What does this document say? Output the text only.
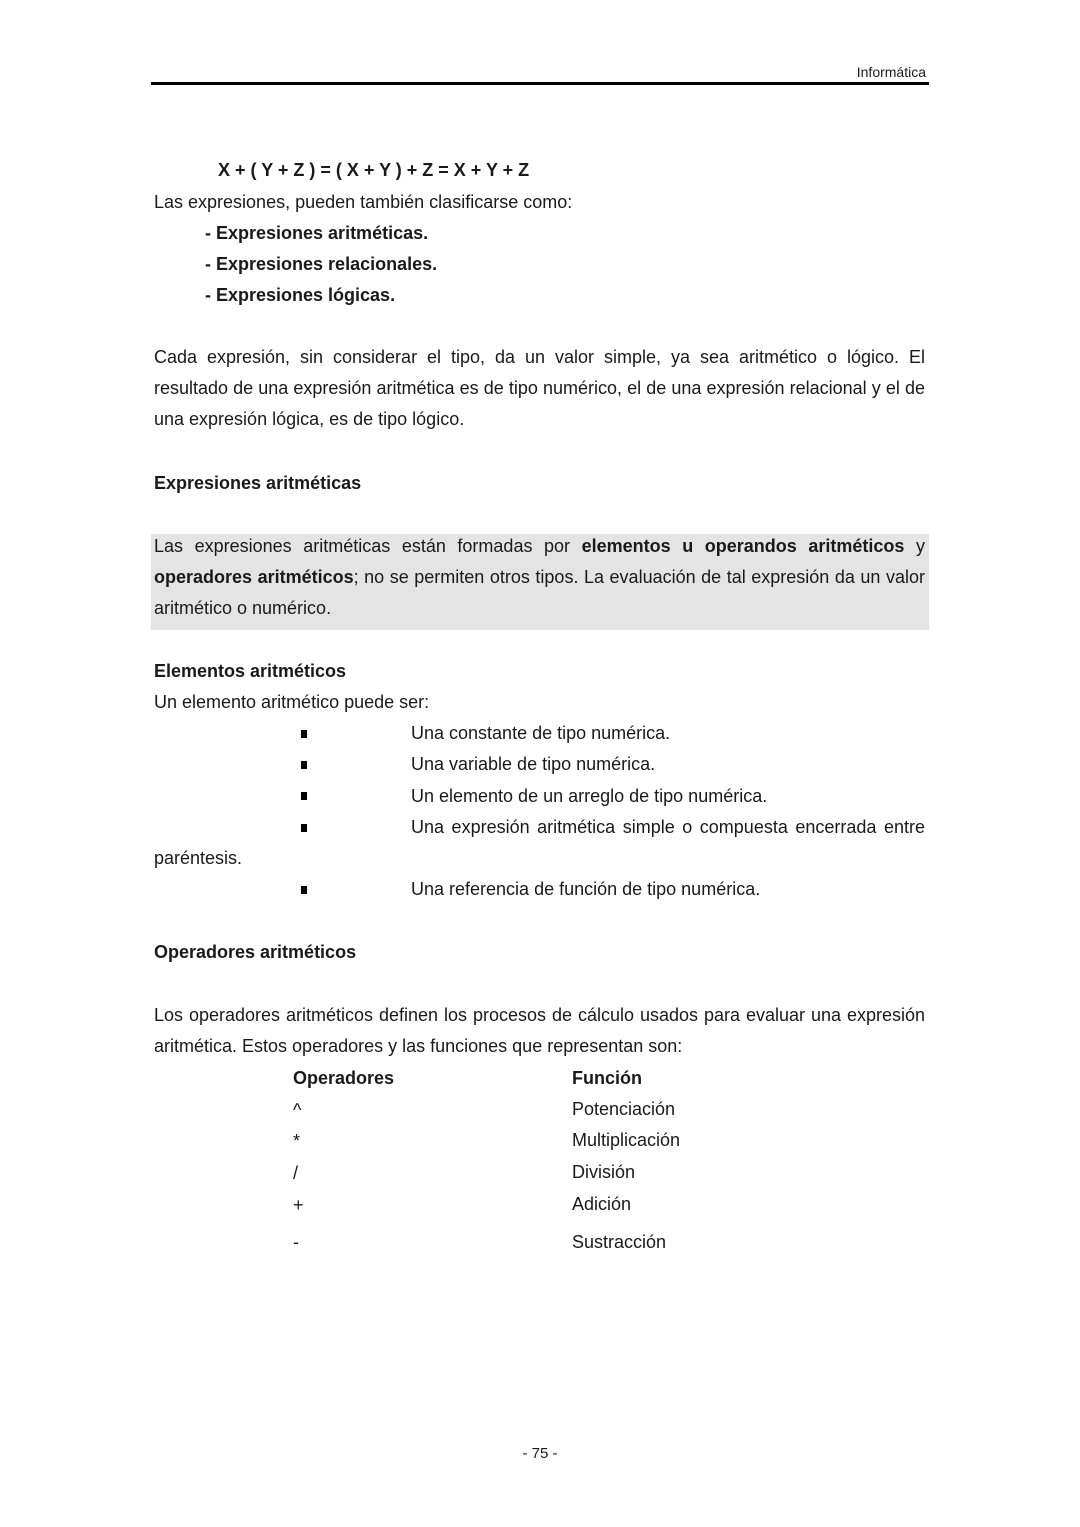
Informática
X + ( Y + Z ) = ( X + Y ) + Z = X + Y + Z
Las expresiones, pueden también clasificarse como:
- Expresiones aritméticas.
- Expresiones relacionales.
- Expresiones lógicas.
Cada expresión, sin considerar el tipo, da un valor simple, ya sea aritmético o lógico. El resultado de una expresión aritmética es de tipo numérico, el de una expresión relacional y el de una expresión lógica, es de tipo lógico.
Expresiones aritméticas
Las expresiones aritméticas están formadas por elementos u operandos aritméticos y operadores aritméticos; no se permiten otros tipos. La evaluación de tal expresión da un valor aritmético o numérico.
Elementos aritméticos
Un elemento aritmético puede ser:
Una constante de tipo numérica.
Una variable de tipo numérica.
Un elemento de un arreglo de tipo numérica.
Una expresión aritmética simple o compuesta encerrada entre
paréntesis.
Una referencia de función de tipo numérica.
Operadores aritméticos
Los operadores aritméticos definen los procesos de cálculo usados para evaluar una expresión aritmética. Estos operadores y las funciones que representan son:
Operadores	Función
^	Potenciación
*	Multiplicación
/	División
+	Adición
-	Sustracción
- 75 -
